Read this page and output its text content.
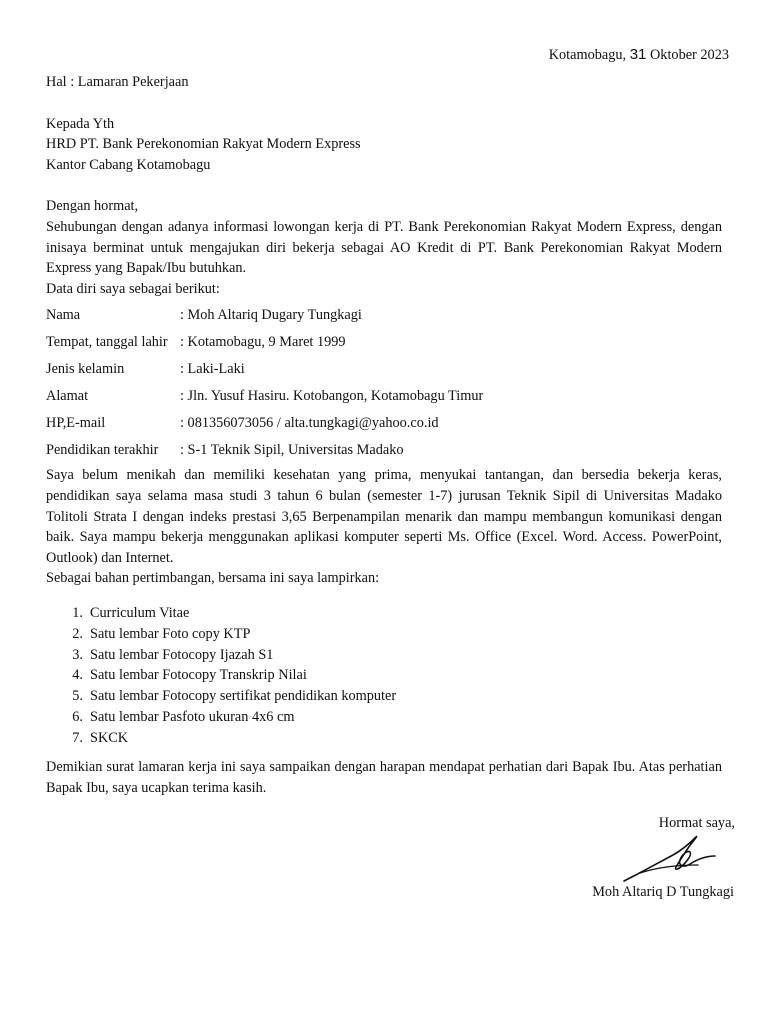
Kotamobagu, 31 Oktober 2023
Hal : Lamaran Pekerjaan
Kepada Yth
HRD PT. Bank Perekonomian Rakyat Modern Express
Kantor Cabang Kotamobagu
Dengan hormat,

Sehubungan dengan adanya informasi lowongan kerja di PT. Bank Perekonomian Rakyat Modern Express, dengan inisaya berminat untuk mengajukan diri bekerja sebagai AO Kredit di PT. Bank Perekonomian Rakyat Modern Express yang Bapak/Ibu butuhkan.

Data diri saya sebagai berikut:
Nama	: Moh Altariq Dugary Tungkagi
Tempat, tanggal lahir : Kotamobagu, 9 Maret 1999
Jenis kelamin	: Laki-Laki
Alamat	: Jln. Yusuf Hasiru. Kotobangon, Kotamobagu Timur
HP,E-mail	: 081356073056 / alta.tungkagi@yahoo.co.id
Pendidikan terakhir	: S-1 Teknik Sipil, Universitas Madako

Saya belum menikah dan memiliki kesehatan yang prima, menyukai tantangan, dan bersedia bekerja keras, pendidikan saya selama masa studi 3 tahun 6 bulan (semester 1-7) jurusan Teknik Sipil di Universitas Madako Tolitoli Strata I dengan indeks prestasi 3,65 Berpenampilan menarik dan mampu membangun komunikasi dengan baik. Saya mampu bekerja menggunakan aplikasi komputer seperti Ms. Office (Excel. Word. Access. PowerPoint, Outlook) dan Internet.

Sebagai bahan pertimbangan, bersama ini saya lampirkan:
1. Curriculum Vitae
2. Satu lembar Foto copy KTP
3. Satu lembar Fotocopy Ijazah S1
4. Satu lembar Fotocopy Transkrip Nilai
5. Satu lembar Fotocopy sertifikat pendidikan komputer
6. Satu lembar Pasfoto ukuran 4x6 cm
7. SKCK

Demikian surat lamaran kerja ini saya sampaikan dengan harapan mendapat perhatian dari Bapak Ibu. Atas perhatian Bapak Ibu, saya ucapkan terima kasih.

Hormat saya,
Moh Altariq D Tungkagi
